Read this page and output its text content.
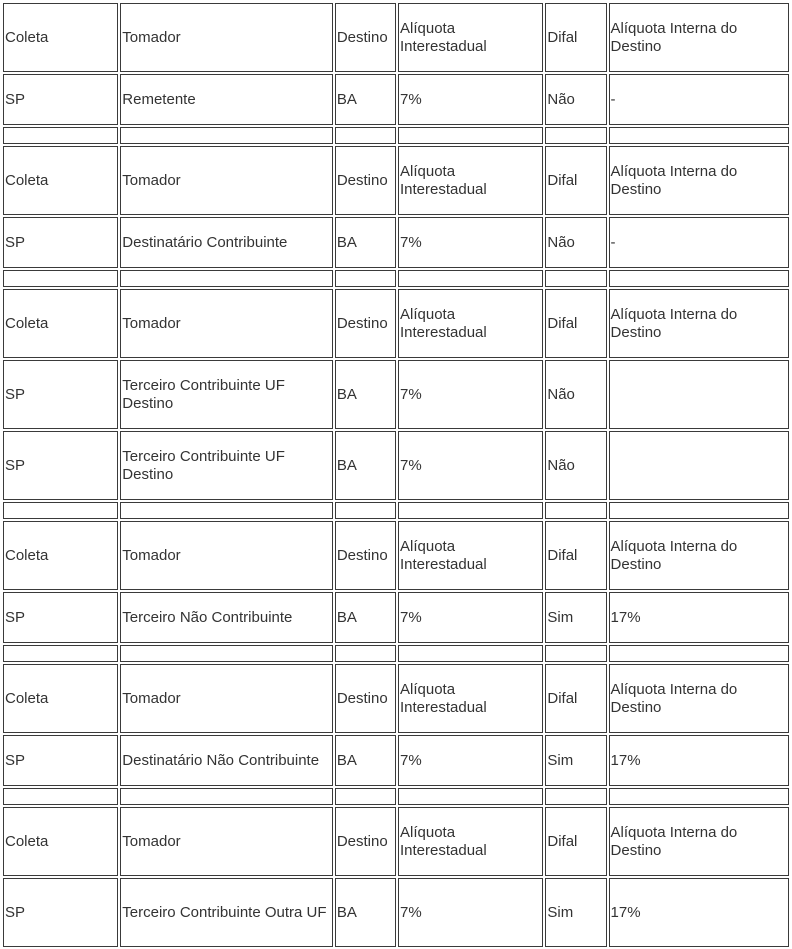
Coleta	Tomador	Destino	Alíquota Interestadual	Difal	Alíquota Interna do Destino
SP	Remetente	BA	7%	Não	-

Coleta	Tomador	Destino	Alíquota Interestadual	Difal	Alíquota Interna do Destino
SP	Destinatário Contribuinte	BA	7%	Não	-

Coleta	Tomador	Destino	Alíquota Interestadual	Difal	Alíquota Interna do Destino
SP	Terceiro Contribuinte UF Destino	BA	7%	Não	
SP	Terceiro Contribuinte UF Destino	BA	7%	Não	

Coleta	Tomador	Destino	Alíquota Interestadual	Difal	Alíquota Interna do Destino
SP	Terceiro Não Contribuinte	BA	7%	Sim	17%

Coleta	Tomador	Destino	Alíquota Interestadual	Difal	Alíquota Interna do Destino
SP	Destinatário Não Contribuinte	BA	7%	Sim	17%

Coleta	Tomador	Destino	Alíquota Interestadual	Difal	Alíquota Interna do Destino
SP	Terceiro Contribuinte Outra UF	BA	7%	Sim	17%
